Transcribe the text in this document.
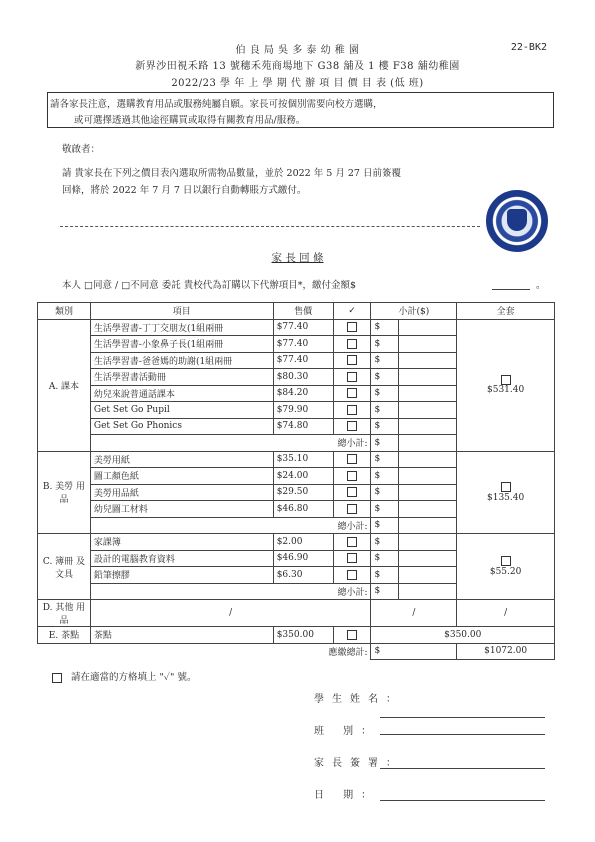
伯 良 局 吳 多 泰 幼 稚 園	22-BK2
新界沙田視禾路 13 號穗禾苑商場地下 G38 舖及 1 樓 F38 舖幼稚園
2022/23 學 年 上 學 期 代 辦 項 目 價 目 表 (低 班)
請各家長注意，選購教育用品或服務純屬自願。家長可按個別需要向校方選購，
或可選擇透過其他途徑購買或取得有關教育用品/服務。
敬啟者：
請 貴家長在下列之價目表內選取所需物品數量，並於 2022 年 5 月 27 日前簽覆
回條，將於 2022 年 7 月 7 日以銀行自動轉賬方式繳付。
家 長 回 條
本人 □同意 / □不同意 委託 貴校代為訂購以下代辦項目*，繳付金額$	。
類別	項目	售價	✓	小計($)		全套
A. 課本	生活學習書-丁丁交朋友(1組兩冊	$77.40		$		$531.40
	生活學習書-小象鼻子長(1組兩冊	$77.40		$		
	生活學習書-爸爸媽的助謝(1組兩冊	$77.40		$		
	生活學習書活動冊	$80.30		$		
	幼兒來說普通話課本	$84.20		$		
	Get Set Go Pupil	$79.90		$		
	Get Set Go Phonics	$74.80		$		
	總小計:			$		
B. 美勞 用品	美勞用紙	$35.10		$		$135.40
	圖工顏色紙	$24.00		$		
	美勞用品紙	$29.50		$		
	幼兒圖工材料	$46.80		$		
	總小計:			$		
C. 簿冊 及文具	家課簿	$2.00		$		$55.20
	設計的電腦教育資料	$46.90		$		
	鉛筆擦膠	$6.30		$		
	總小計:			$		
D. 其他 用品	/			/		/
E. 茶點	茶點	$350.00		$350.00		
應繳總計:				$		$1072.00
請在適當的方格填上 "✓" 號。
學生姓名：
班 別：
家長簽署：
日 期：
